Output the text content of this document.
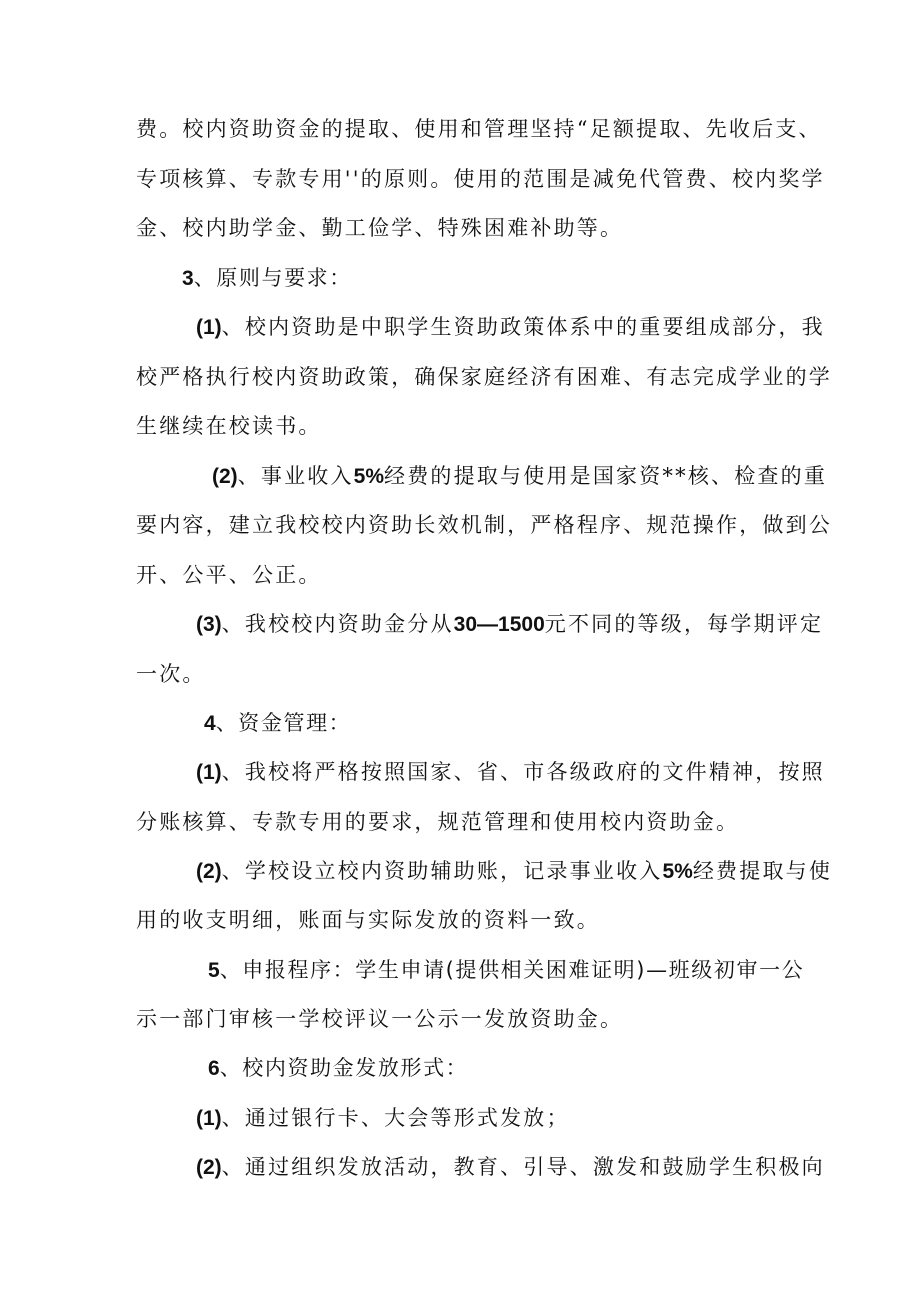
费。校内资助资金的提取、使用和管理坚持“足额提取、先收后支、
专项核算、专款专用''的原则。使用的范围是减免代管费、校内奖学
金、校内助学金、勤工俭学、特殊困难补助等。
3、原则与要求：
(1)、校内资助是中职学生资助政策体系中的重要组成部分，我
校严格执行校内资助政策，确保家庭经济有困难、有志完成学业的学
生继续在校读书。
(2)、事业收入5%经费的提取与使用是国家资**核、检查的重
要内容，建立我校校内资助长效机制，严格程序、规范操作，做到公
开、公平、公正。
(3)、我校校内资助金分从30—1500元不同的等级，每学期评定
一次。
4、资金管理：
(1)、我校将严格按照国家、省、市各级政府的文件精神，按照
分账核算、专款专用的要求，规范管理和使用校内资助金。
(2)、学校设立校内资助辅助账，记录事业收入5%经费提取与使
用的收支明细，账面与实际发放的资料一致。
5、申报程序：学生申请(提供相关困难证明)—班级初审一公
示一部门审核一学校评议一公示一发放资助金。
6、校内资助金发放形式：
(1)、通过银行卡、大会等形式发放；
(2)、通过组织发放活动，教育、引导、激发和鼓励学生积极向
